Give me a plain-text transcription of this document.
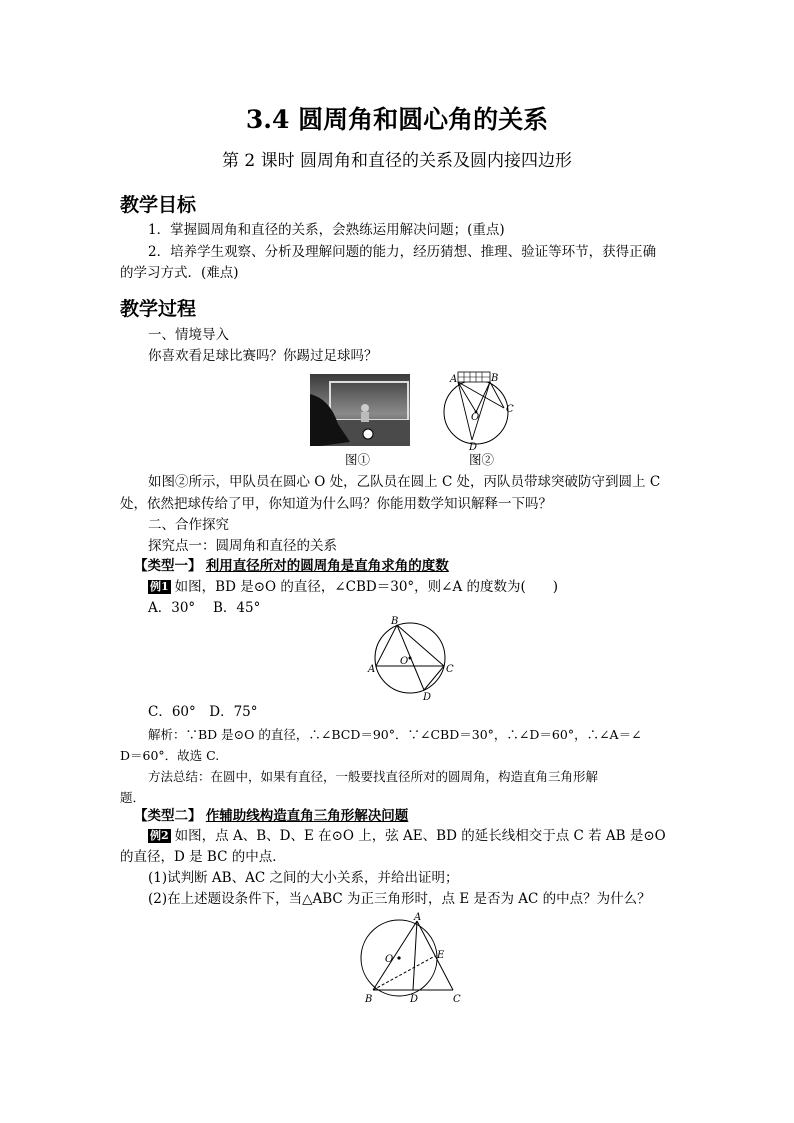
3.4 圆周角和圆心角的关系
第 2 课时 圆周角和直径的关系及圆内接四边形
教学目标
1．掌握圆周角和直径的关系，会熟练运用解决问题；(重点)
2．培养学生观察、分析及理解问题的能力，经历猜想、推理、验证等环节，获得正确
的学习方式．(难点)
教学过程
一、情境导入
你喜欢看足球比赛吗？你踢过足球吗？
图①
A	B
C
O
D
图②
如图②所示，甲队员在圆心 O 处，乙队员在圆上 C 处，丙队员带球突破防守到圆上 C
处，依然把球传给了甲，你知道为什么吗？你能用数学知识解释一下吗？
二、合作探究
探究点一：圆周角和直径的关系
【类型一】 利用直径所对的圆周角是直角求角的度数
例1 如图，BD 是⊙O 的直径，∠CBD＝30°，则∠A 的度数为(　　)
A．30°　 B．45°
B
A
O
C
D
C．60°　D．75°
解析：∵BD 是⊙O 的直径，∴∠BCD＝90°．∵∠CBD＝30°，∴∠D＝60°，∴∠A＝∠
D＝60°．故选 C.
方法总结：在圆中，如果有直径，一般要找直径所对的圆周角，构造直角三角形解
题．
【类型二】 作辅助线构造直角三角形解决问题
例2 如图，点 A、B、D、E 在⊙O 上，弦 AE、BD 的延长线相交于点 C 若 AB 是⊙O
的直径，D 是 BC 的中点．
(1)试判断 AB、AC 之间的大小关系，并给出证明；
(2)在上述题设条件下，当△ABC 为正三角形时，点 E 是否为 AC 的中点？为什么？
A
O	E
B	D	C
